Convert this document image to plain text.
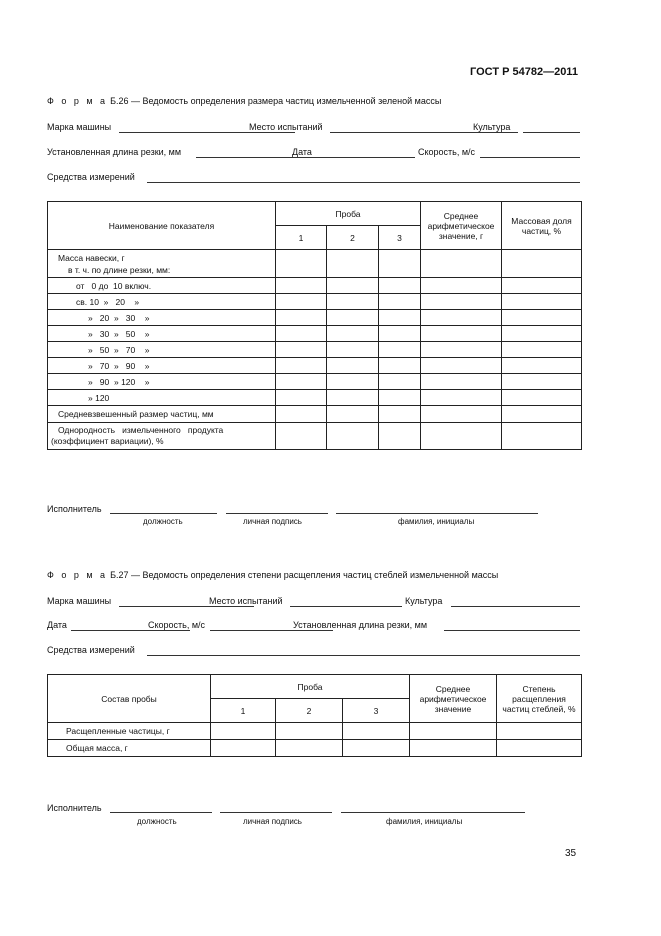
ГОСТ Р 54782—2011
Ф о р м а Б.26 — Ведомость определения размера частиц измельченной зеленой массы
Марка машины	Место испытаний	Культура
Установленная длина резки, мм	Дата	Скорость, м/с
Средства измерений
Наименование показателя	Проба			Среднее арифметическое значение, г	Массовая доля частиц, %
	1	2	3		

Масса навески, г
в т. ч. по длине резки, мм:					

от   0 до  10 включ.					
св. 10  »   20    »					
»   20  »   30    »					
»   30  »   50    »					
»   50  »   70    »					
»   70  »   90    »					
»   90  » 120    »					
» 120					
Средневзвешенный размер частиц, мм					

Однородность   измельченного   продукта
(коэффициент вариации), %					

Исполнитель
должность	личная подпись	фамилия, инициалы
Ф о р м а Б.27 — Ведомость определения степени расщепления частиц стеблей измельченной массы
Марка машины	Место испытаний	Культура
Дата	Скорость, м/с	Установленная длина резки, мм
Средства измерений
Состав пробы	Проба			Среднее арифметическое значение	Степень расщепления частиц стеблей, %
	1	2	3		
Расщепленные частицы, г					
Общая масса, г					
Исполнитель
должность	личная подпись	фамилия, инициалы
35
